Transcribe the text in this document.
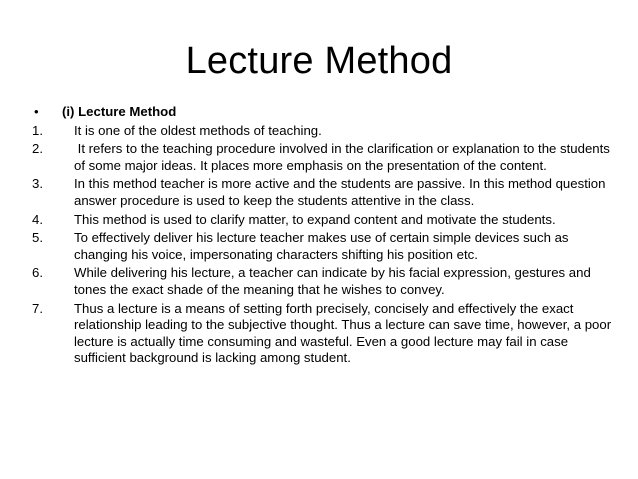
Lecture Method
•	(i) Lecture Method
1.	It is one of the oldest methods of teaching.
2.	It refers to the teaching procedure involved in the clarification or explanation to the students of some major ideas. It places more emphasis on the presentation of the content.
3.	In this method teacher is more active and the students are passive. In this method question answer procedure is used to keep the students attentive in the class.
4.	This method is used to clarify matter, to expand content and motivate the students.
5.	To effectively deliver his lecture teacher makes use of certain simple devices such as changing his voice, impersonating characters shifting his position etc.
6.	While delivering his lecture, a teacher can indicate by his facial expression, gestures and tones the exact shade of the meaning that he wishes to convey.
7.	Thus a lecture is a means of setting forth precisely, concisely and effectively the exact relationship leading to the subjective thought. Thus a lecture can save time, however, a poor lecture is actually time consuming and wasteful. Even a good lecture may fail in case sufficient background is lacking among student.
